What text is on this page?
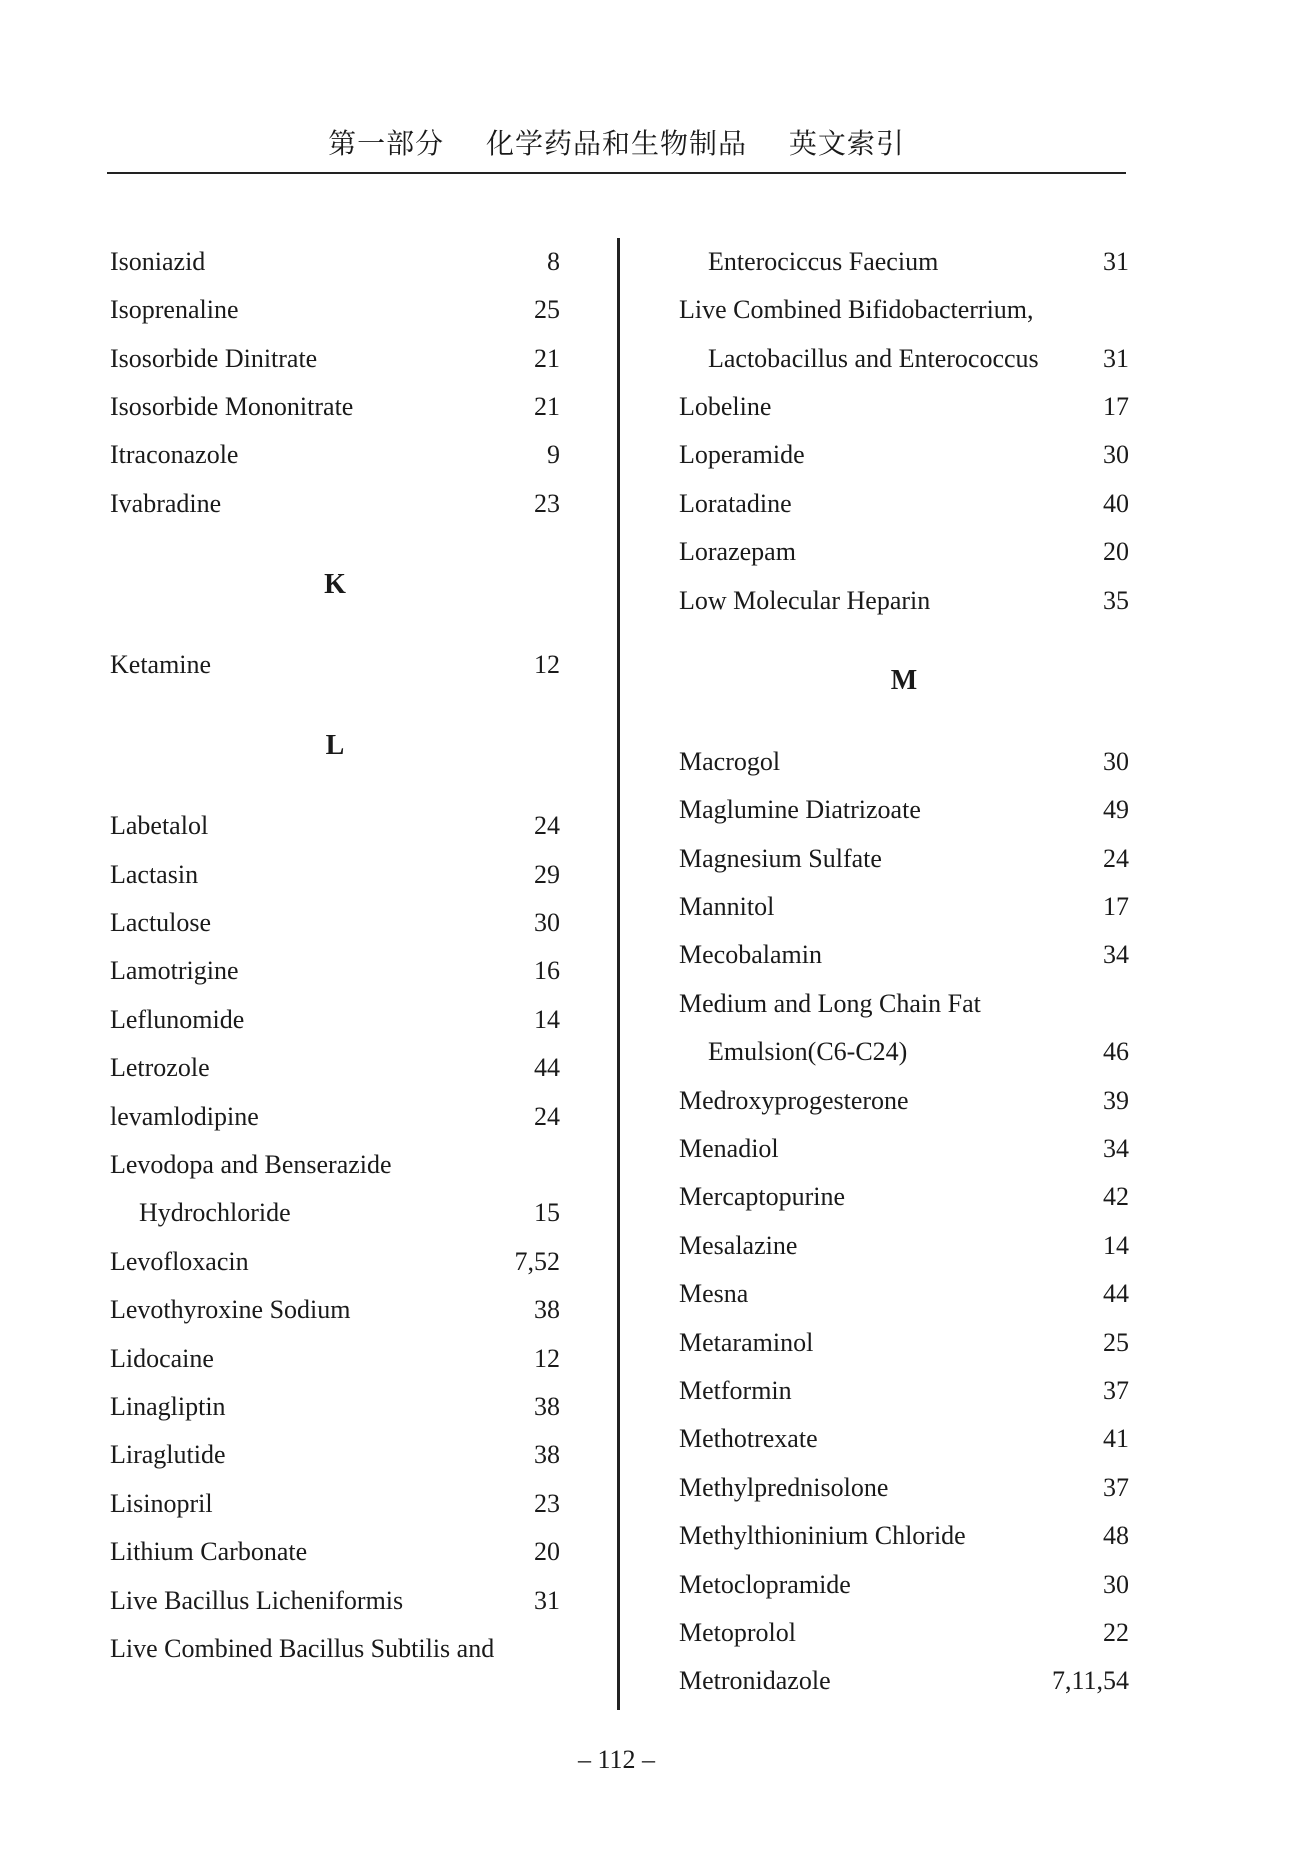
第一部分 化学药品和生物制品 英文索引
Isoniazid	8
Isoprenaline	25
Isosorbide Dinitrate	21
Isosorbide Mononitrate	21
Itraconazole	9
Ivabradine	23
K
Ketamine	12
L
Labetalol	24
Lactasin	29
Lactulose	30
Lamotrigine	16
Leflunomide	14
Letrozole	44
levamlodipine	24
Levodopa and Benserazide
Hydrochloride	15
Levofloxacin	7,52
Levothyroxine Sodium	38
Lidocaine	12
Linagliptin	38
Liraglutide	38
Lisinopril	23
Lithium Carbonate	20
Live Bacillus Licheniformis	31
Live Combined Bacillus Subtilis and
Enterociccus Faecium	31
Live Combined Bifidobacterrium,
Lactobacillus and Enterococcus 31
Lobeline	17
Loperamide	30
Loratadine	40
Lorazepam	20
Low Molecular Heparin	35
M
Macrogol	30
Maglumine Diatrizoate	49
Magnesium Sulfate	24
Mannitol	17
Mecobalamin	34
Medium and Long Chain Fat
Emulsion(C6-C24)	46
Medroxyprogesterone	39
Menadiol	34
Mercaptopurine	42
Mesalazine	14
Mesna	44
Metaraminol	25
Metformin	37
Methotrexate	41
Methylprednisolone	37
Methylthioninium Chloride	48
Metoclopramide	30
Metoprolol	22
Metronidazole	7,11,54
– 112 –
